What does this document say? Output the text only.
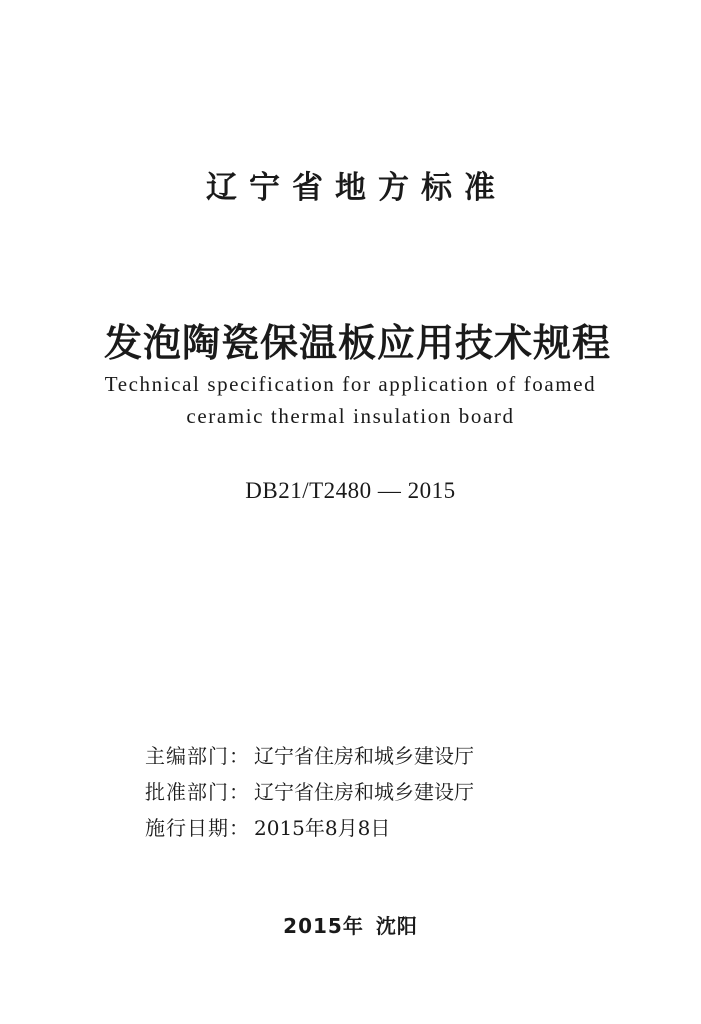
辽宁省地方标准
发泡陶瓷保温板应用技术规程
Technical specification for application of foamed
ceramic thermal insulation board
DB21/T2480 — 2015
主编部门： 辽宁省住房和城乡建设厅
批准部门： 辽宁省住房和城乡建设厅
施行日期： 2015年8月8日
2015年 沈阳
